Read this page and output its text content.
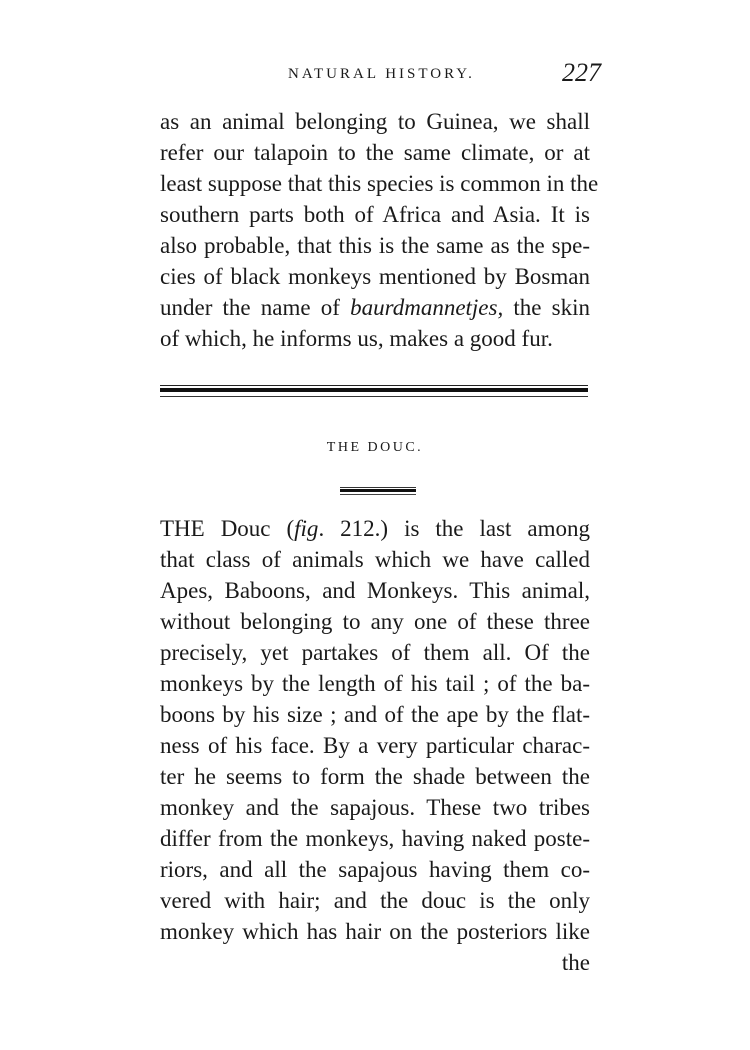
NATURAL HISTORY.	227

as an animal belonging to Guinea, we shall
refer our talapoin to the same climate, or at
least suppose that this species is common in the
southern parts both of Africa and Asia. It is
also probable, that this is the same as the spe-
cies of black monkeys mentioned by Bosman
under the name of baurdmannetjes, the skin
of which, he informs us, makes a good fur.

THE DOUC.

THE Douc (fig. 212.) is the last among
that class of animals which we have called
Apes, Baboons, and Monkeys. This animal,
without belonging to any one of these three
precisely, yet partakes of them all. Of the
monkeys by the length of his tail ; of the ba-
boons by his size ; and of the ape by the flat-
ness of his face. By a very particular charac-
ter he seems to form the shade between the
monkey and the sapajous. These two tribes
differ from the monkeys, having naked poste-
riors, and all the sapajous having them co-
vered with hair; and the douc is the only
monkey which has hair on the posteriors like
the
